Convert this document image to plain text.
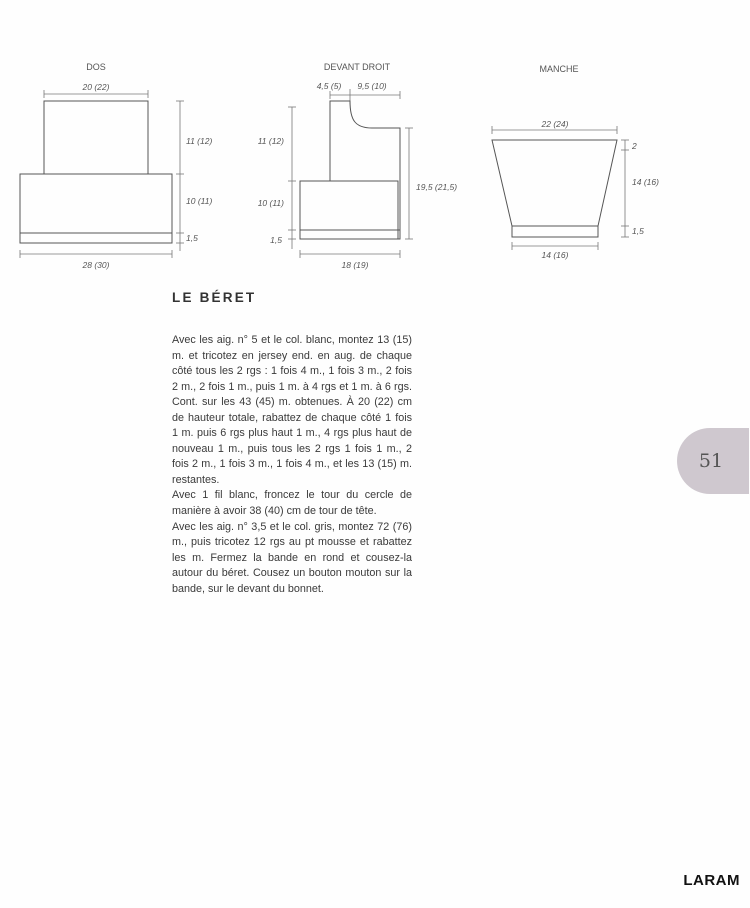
DOS
20 (22)
11 (12)
10 (11)
1,5
28 (30)
DEVANT DROIT
4,5 (5) 9,5 (10)
11 (12)
10 (11)
1,5
19,5 (21,5)
18 (19)
MANCHE
22 (24)
2
14 (16)
1,5
14 (16)
LE BÉRET

Avec les aig. n° 5 et le col. blanc, montez 13 (15) m. et tricotez en jersey end. en aug. de chaque côté tous les 2 rgs : 1 fois 4 m., 1 fois 3 m., 2 fois 2 m., 2 fois 1 m., puis 1 m. à 4 rgs et 1 m. à 6 rgs. Cont. sur les 43 (45) m. obtenues. À 20 (22) cm de hauteur totale, rabattez de chaque côté 1 fois 1 m. puis 6 rgs plus haut 1 m., 4 rgs plus haut de nouveau 1 m., puis tous les 2 rgs 1 fois 1 m., 2 fois 2 m., 1 fois 3 m., 1 fois 4 m., et les 13 (15) m. restantes.

Avec 1 fil blanc, froncez le tour du cercle de manière à avoir 38 (40) cm de tour de tête.

Avec les aig. n° 3,5 et le col. gris, montez 72 (76) m., puis tricotez 12 rgs au pt mousse et rabattez les m. Fermez la bande en rond et cousez-la autour du béret. Cousez un bouton mouton sur la bande, sur le devant du bonnet.

51
LARAM
